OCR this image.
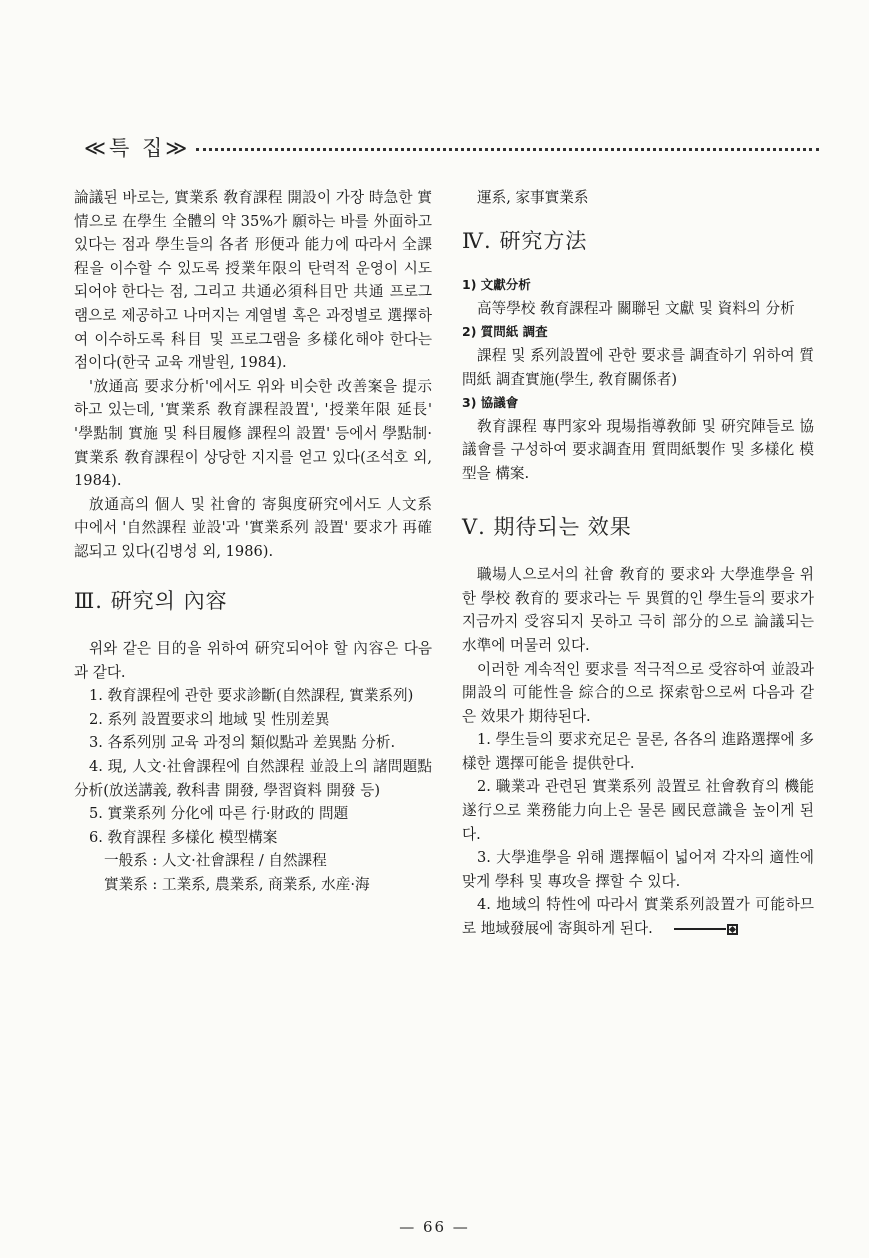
≪특 집≫

論議된 바로는, 實業系 敎育課程 開設이 가장 時急한 實情으로 在學生 全體의 약 35%가 願하는 바를 外面하고 있다는 점과 學生들의 各者 形便과 能力에 따라서 全課程을 이수할 수 있도록 授業年限의 탄력적 운영이 시도되어야 한다는 점, 그리고 共通必須科目만 共通 프로그램으로 제공하고 나머지는 계열별 혹은 과정별로 選擇하여 이수하도록 科目 및 프로그램을 多樣化해야 한다는 점이다(한국 교육 개발원, 1984).

'放通高 要求分析'에서도 위와 비슷한 改善案을 提示하고 있는데, '實業系 敎育課程設置', '授業年限 延長' '學點制 實施 및 科目履修 課程의 設置' 등에서 學點制·實業系 敎育課程이 상당한 지지를 얻고 있다(조석호 외, 1984).

放通高의 個人 및 社會的 寄與度硏究에서도 人文系 中에서 '自然課程 並設'과 '實業系列 設置' 要求가 再確認되고 있다(김병성 외, 1986).

Ⅲ. 硏究의 內容

위와 같은 目的을 위하여 硏究되어야 할 內容은 다음과 같다.

1. 敎育課程에 관한 要求診斷(自然課程, 實業系列)

2. 系列 設置要求의 地域 및 性別差異

3. 各系列別 교육 과정의 類似點과 差異點 分析.

4. 現, 人文·社會課程에 自然課程 並設上의 諸問題點 分析(放送講義, 敎科書 開發, 學習資料 開發 등)

5. 實業系列 分化에 따른 行·財政的 問題

6. 敎育課程 多樣化 模型構案

一般系 : 人文·社會課程 / 自然課程

實業系 : 工業系, 農業系, 商業系, 水産·海

運系, 家事實業系

Ⅳ. 硏究方法

1) 文獻分析

高等學校 敎育課程과 關聯된 文獻 및 資料의 分析

2) 質問紙 調査

課程 및 系列設置에 관한 要求를 調査하기 위하여 質問紙 調査實施(學生, 敎育關係者)

3) 協議會

敎育課程 專門家와 現場指導敎師 및 硏究陣들로 協議會를 구성하여 要求調査用 質問紙製作 및 多樣化 模型을 構案.

Ⅴ. 期待되는 效果

職場人으로서의 社會 敎育的 要求와 大學進學을 위한 學校 敎育的 要求라는 두 異質的인 學生들의 要求가 지금까지 受容되지 못하고 극히 部分的으로 論議되는 水準에 머물러 있다.

이러한 계속적인 要求를 적극적으로 受容하여 並設과 開設의 可能性을 綜合的으로 探索함으로써 다음과 같은 效果가 期待된다.

1. 學生들의 要求充足은 물론, 各各의 進路選擇에 多樣한 選擇可能을 提供한다.

2. 職業과 관련된 實業系列 設置로 社會敎育의 機能遂行으로 業務能力向上은 물론 國民意識을 높이게 된다.

3. 大學進學을 위해 選擇幅이 넓어져 각자의 適性에 맞게 學科 및 專攻을 擇할 수 있다.

4. 地域의 特性에 따라서 實業系列設置가 可能하므로 地域發展에 寄與하게 된다.

— 66 —
